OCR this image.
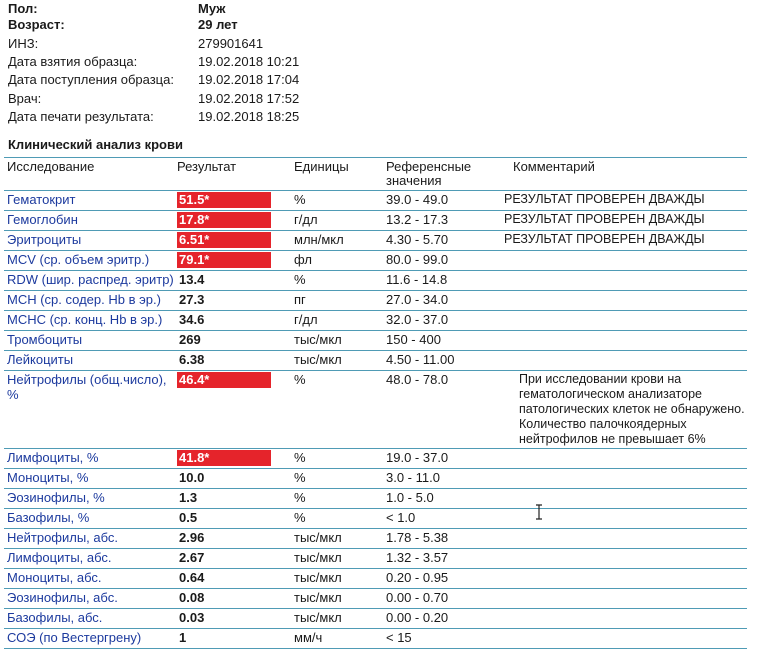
Пол:	Муж
Возраст:	29 лет
ИНЗ:	279901641
Дата взятия образца:	19.02.2018 10:21
Дата поступления образца: 19.02.2018 17:04
Врач:	19.02.2018 17:52
Дата печати результата:	19.02.2018 18:25
Клинический анализ крови
Исследование	Результат	Единицы	Референсные значения	Комментарий
Гематокрит	51.5*	%	39.0 - 49.0	РЕЗУЛЬТАТ ПРОВЕРЕН ДВАЖДЫ
Гемоглобин	17.8*	г/дл	13.2 - 17.3	РЕЗУЛЬТАТ ПРОВЕРЕН ДВАЖДЫ
Эритроциты	6.51*	млн/мкл	4.30 - 5.70	РЕЗУЛЬТАТ ПРОВЕРЕН ДВАЖДЫ
MCV (ср. объем эритр.)	79.1*	фл	80.0 - 99.0	
RDW (шир. распред. эритр)	13.4	%	11.6 - 14.8	
MCH (ср. содер. Hb в эр.)	27.3	пг	27.0 - 34.0	
MCHC (ср. конц. Hb в эр.)	34.6	г/дл	32.0 - 37.0	
Тромбоциты	269	тыс/мкл	150 - 400	
Лейкоциты	6.38	тыс/мкл	4.50 - 11.00	
Нейтрофилы (общ.число), %	46.4*	%	48.0 - 78.0	При исследовании крови на гематологическом анализаторе патологических клеток не обнаружено. Количество палочкоядерных нейтрофилов не превышает 6%
Лимфоциты, %	41.8*	%	19.0 - 37.0	
Моноциты, %	10.0	%	3.0 - 11.0	
Эозинофилы, %	1.3	%	1.0 - 5.0	
Базофилы, %	0.5	%	< 1.0	
Нейтрофилы, абс.	2.96	тыс/мкл	1.78 - 5.38	
Лимфоциты, абс.	2.67	тыс/мкл	1.32 - 3.57	
Моноциты, абс.	0.64	тыс/мкл	0.20 - 0.95	
Эозинофилы, абс.	0.08	тыс/мкл	0.00 - 0.70	
Базофилы, абс.	0.03	тыс/мкл	0.00 - 0.20	
СОЭ (по Вестергрену)	1	мм/ч	< 15	
